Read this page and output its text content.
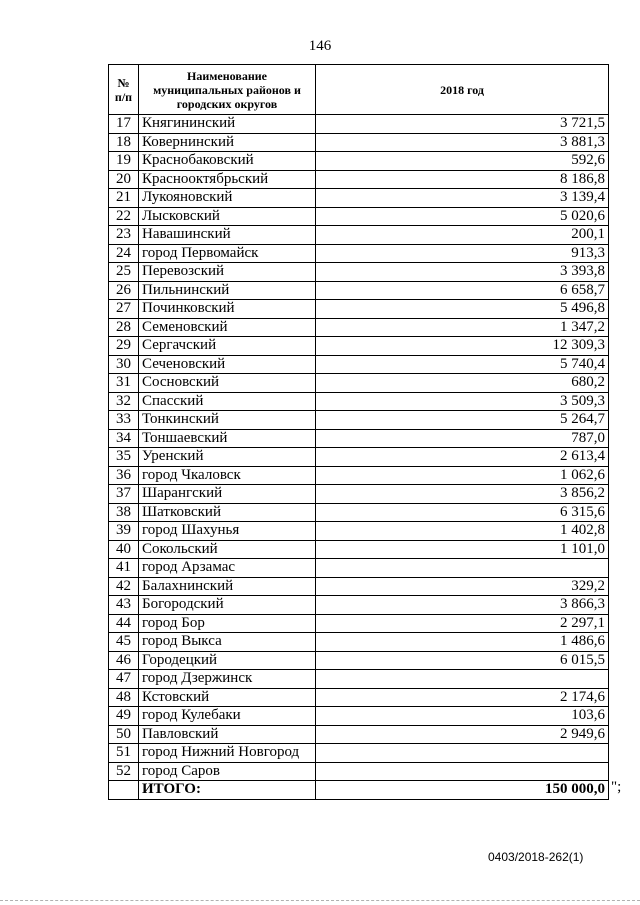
146
№ п/п	Наименование муниципальных районов и городских округов	2018 год
17	Княгининский	3 721,5
18	Ковернинский	3 881,3
19	Краснобаковский	592,6
20	Краснооктябрьский	8 186,8
21	Лукояновский	3 139,4
22	Лысковский	5 020,6
23	Навашинский	200,1
24	город Первомайск	913,3
25	Перевозский	3 393,8
26	Пильнинский	6 658,7
27	Починковский	5 496,8
28	Семеновский	1 347,2
29	Сергачский	12 309,3
30	Сеченовский	5 740,4
31	Сосновский	680,2
32	Спасский	3 509,3
33	Тонкинский	5 264,7
34	Тоншаевский	787,0
35	Уренский	2 613,4
36	город Чкаловск	1 062,6
37	Шарангский	3 856,2
38	Шатковский	6 315,6
39	город Шахунья	1 402,8
40	Сокольский	1 101,0
41	город Арзамас	
42	Балахнинский	329,2
43	Богородский	3 866,3
44	город Бор	2 297,1
45	город Выкса	1 486,6
46	Городецкий	6 015,5
47	город Дзержинск	
48	Кстовский	2 174,6
49	город Кулебаки	103,6
50	Павловский	2 949,6
51	город Нижний Новгород	
52	город Саров	
	ИТОГО:	150 000,0 ";
0403/2018-262(1)
